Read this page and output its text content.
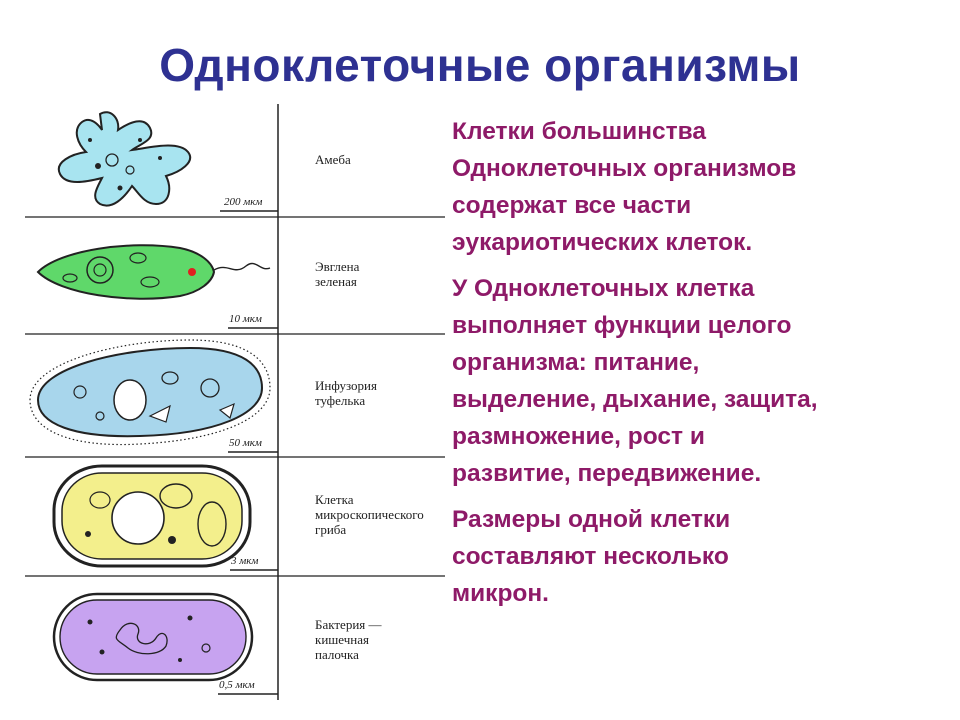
Одноклеточные организмы
Амеба
Эвглена
зеленая
Инфузория
туфелька
Клетка
микроскопического
гриба
Бактерия —
кишечная
палочка
200 мкм
10 мкм
50 мкм
3 мкм
0,5 мкм
Клетки большинства
Одноклеточных организмов
содержат все части
эукариотических клеток.
У Одноклеточных клетка
выполняет функции целого
организма: питание,
выделение, дыхание, защита,
размножение, рост и
развитие, передвижение.
Размеры одной клетки
составляют несколько
микрон.
